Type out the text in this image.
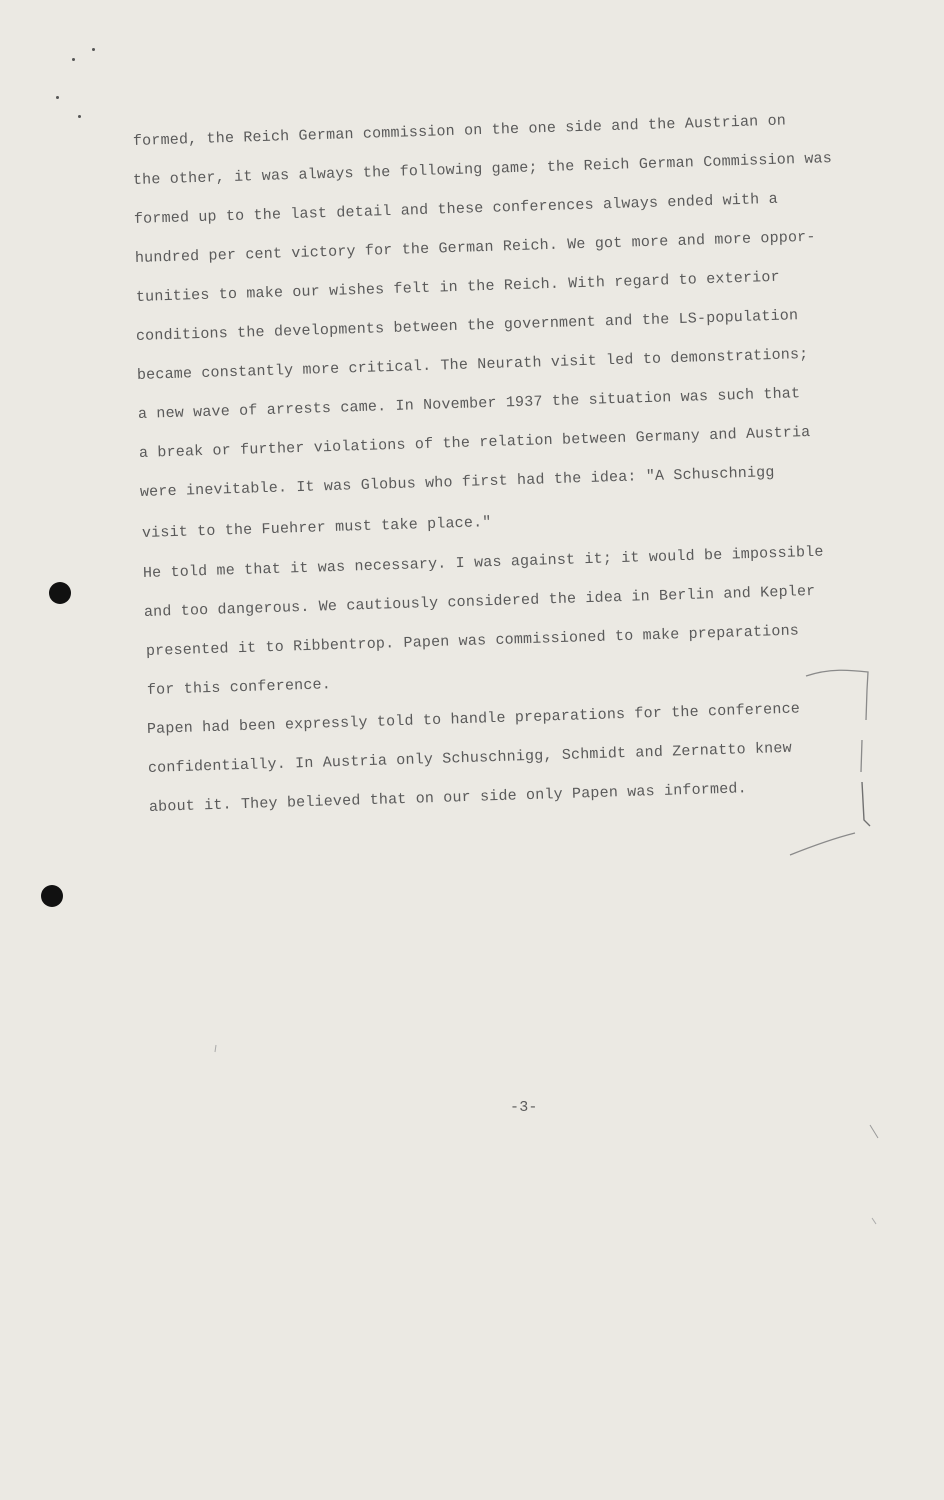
formed, the Reich German commission on the one side and the Austrian on
the other, it was always the following game; the Reich German Commission was
formed up to the last detail and these conferences always ended with a
hundred per cent victory for the German Reich. We got more and more oppor-
tunities to make our wishes felt in the Reich. With regard to exterior
conditions the developments between the government and the LS-population
became constantly more critical. The Neurath visit led to demonstrations;
a new wave of arrests came. In November 1937 the situation was such that
a break or further violations of the relation between Germany and Austria
were inevitable. It was Globus who first had the idea: "A Schuschnigg
visit to the Fuehrer must take place."
He told me that it was necessary. I was against it; it would be impossible
and too dangerous. We cautiously considered the idea in Berlin and Kepler
presented it to Ribbentrop. Papen was commissioned to make preparations
for this conference.
Papen had been expressly told to handle preparations for the conference
confidentially. In Austria only Schuschnigg, Schmidt and Zernatto knew
about it. They believed that on our side only Papen was informed.
-3-
